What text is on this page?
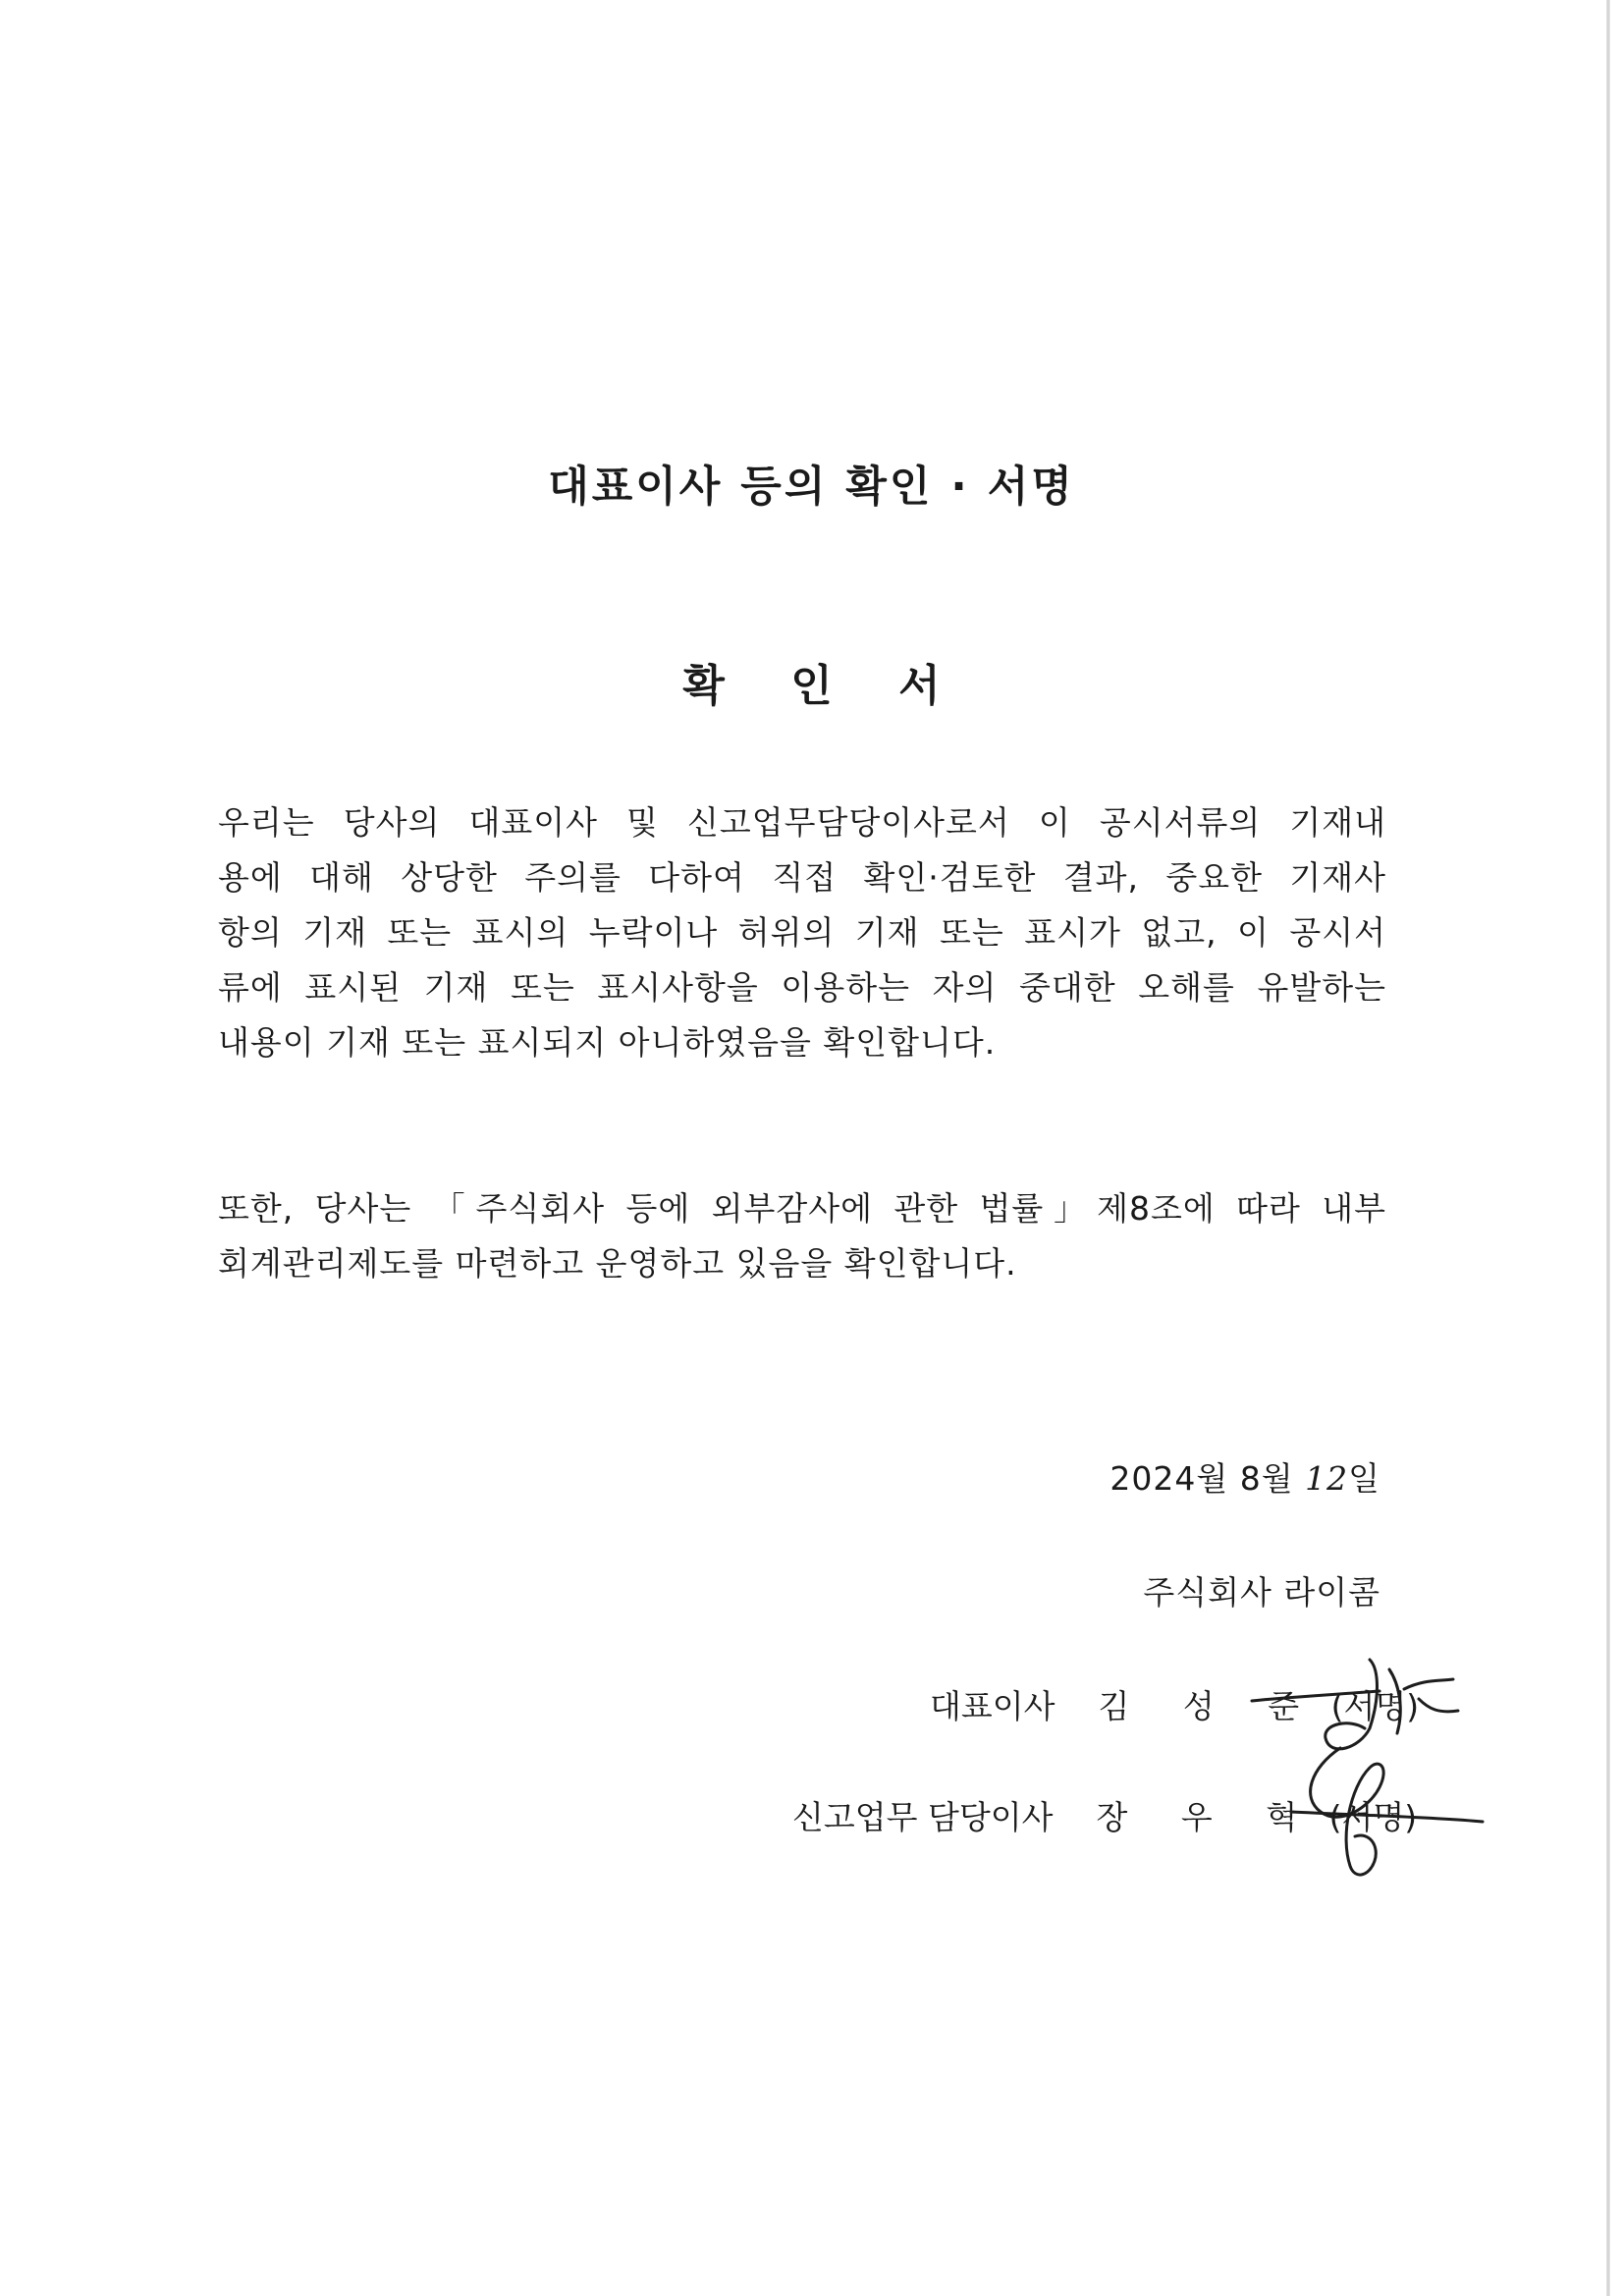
대표이사 등의 확인 · 서명
확 인 서
우리는 당사의 대표이사 및 신고업무담당이사로서 이 공시서류의 기재내
용에 대해 상당한 주의를 다하여 직접 확인·검토한 결과, 중요한 기재사
항의 기재 또는 표시의 누락이나 허위의 기재 또는 표시가 없고, 이 공시서
류에 표시된 기재 또는 표시사항을 이용하는 자의 중대한 오해를 유발하는
내용이 기재 또는 표시되지 아니하였음을 확인합니다.
또한, 당사는 「주식회사 등에 외부감사에 관한 법률」제8조에 따라 내부
회계관리제도를 마련하고 운영하고 있음을 확인합니다.
2024월 8월 12일
주식회사 라이콤
대표이사 김 성 준 (서명)
신고업무 담당이사 장 우 혁 (서명)
